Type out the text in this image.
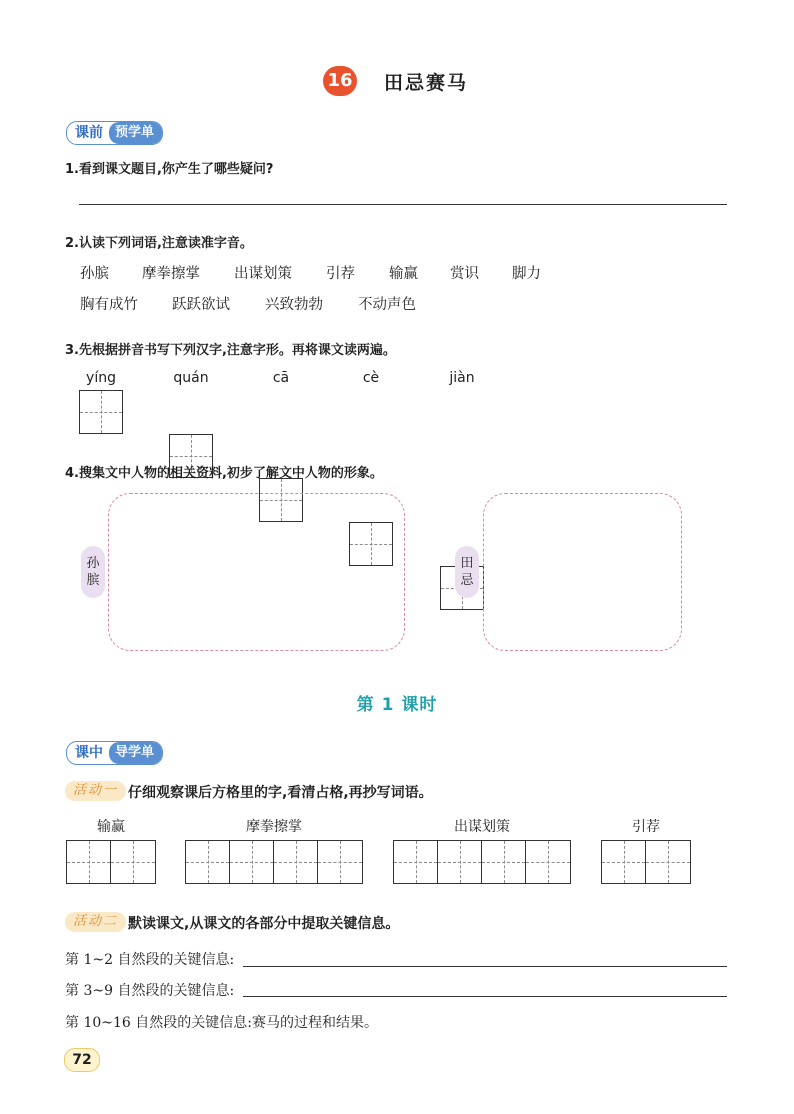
16 田忌赛马
课前 预学单
1.看到课文题目,你产生了哪些疑问?
2.认读下列词语,注意读准字音。
孙膑 摩拳擦掌 出谋划策 引荐 输赢 赏识 脚力
胸有成竹 跃跃欲试 兴致勃勃 不动声色
3.先根据拼音书写下列汉字,注意字形。再将课文读两遍。
yíng	quán	cā	cè	jiàn
4.搜集文中人物的相关资料,初步了解文中人物的形象。
孙
膑
田
忌
第 1 课时
课中 导学单
活动一 仔细观察课后方格里的字,看清占格,再抄写词语。
输赢	摩拳擦掌	出谋划策	引荐
活动二 默读课文,从课文的各部分中提取关键信息。
第 1~2 自然段的关键信息:
第 3~9 自然段的关键信息:
第 10~16 自然段的关键信息:赛马的过程和结果。
72
